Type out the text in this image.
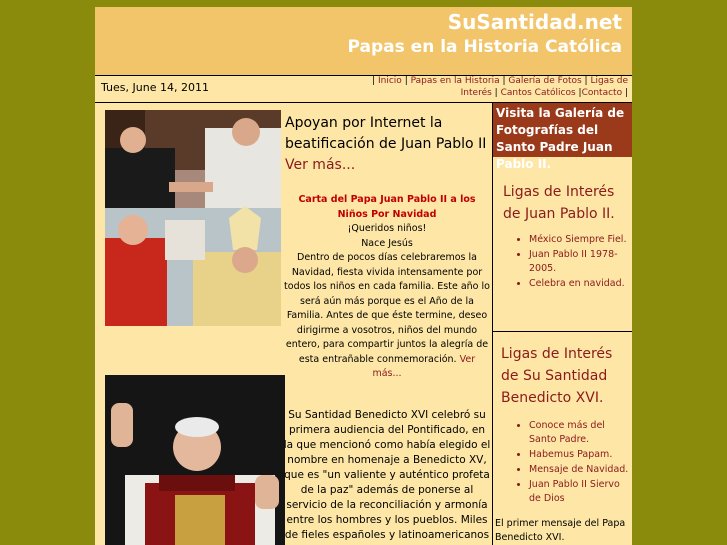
SuSantidad.net
Papas en la Historia Católica
Tues, June 14, 2011	| Inicio | Papas en la Historia | Galería de Fotos | Ligas de Interés | Cantos Católicos |Contacto |
Apoyan por Internet la beatificación de Juan Pablo II Ver más...
Carta del Papa Juan Pablo II a los Niños Por Navidad
¡Queridos niños!
Nace Jesús
Dentro de pocos días celebraremos la Navidad, fiesta vivida intensamente por todos los niños en cada familia. Este año lo será aún más porque es el Año de la Familia. Antes de que éste termine, deseo dirigirme a vosotros, niños del mundo entero, para compartir juntos la alegría de esta entrañable conmemoración. Ver más...
Su Santidad Benedicto XVI celebró su primera audiencia del Pontificado, en la que mencionó como había elegido el nombre en homenaje a Benedicto XV, que es "un valiente y auténtico profeta de la paz" además de ponerse al servicio de la reconciliación y armonía entre los hombres y los pueblos. Miles de fieles españoles y latinoamericanos
Visita la Galería de Fotografías del Santo Padre Juan Pablo II.
Ligas de Interés de Juan Pablo II.
• México Siempre Fiel.
• Juan Pablo II 1978-2005.
• Celebra en navidad.
Ligas de Interés de Su Santidad Benedicto XVI.
• Conoce más del Santo Padre.
• Habemus Papam.
• Mensaje de Navidad.
• Juan Pablo II Siervo de Dios
El primer mensaje del Papa Benedicto XVI.
